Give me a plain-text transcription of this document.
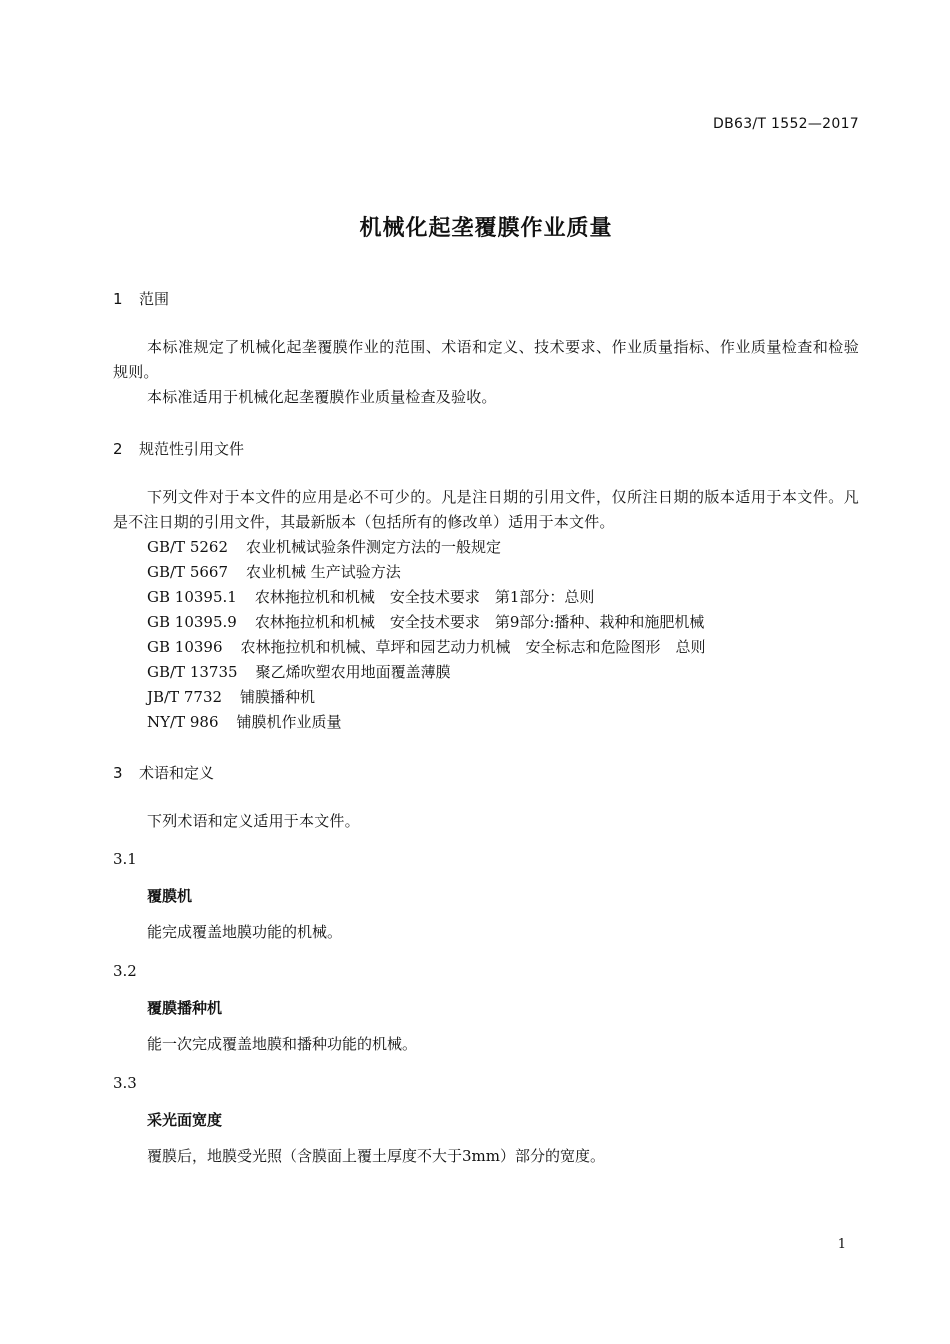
DB63/T 1552—2017
机械化起垄覆膜作业质量
1 范围
本标准规定了机械化起垄覆膜作业的范围、术语和定义、技术要求、作业质量指标、作业质量检查和检验规则。
本标准适用于机械化起垄覆膜作业质量检查及验收。
2 规范性引用文件
下列文件对于本文件的应用是必不可少的。凡是注日期的引用文件，仅所注日期的版本适用于本文件。凡是不注日期的引用文件，其最新版本（包括所有的修改单）适用于本文件。
GB/T 5262 农业机械试验条件测定方法的一般规定
GB/T 5667 农业机械 生产试验方法
GB 10395.1 农林拖拉机和机械　安全技术要求　第1部分：总则
GB 10395.9 农林拖拉机和机械　安全技术要求　第9部分:播种、栽种和施肥机械
GB 10396 农林拖拉机和机械、草坪和园艺动力机械　安全标志和危险图形　总则
GB/T 13735 聚乙烯吹塑农用地面覆盖薄膜
JB/T 7732 铺膜播种机
NY/T 986 铺膜机作业质量
3 术语和定义
下列术语和定义适用于本文件。
3.1
覆膜机
能完成覆盖地膜功能的机械。
3.2
覆膜播种机
能一次完成覆盖地膜和播种功能的机械。
3.3
采光面宽度
覆膜后，地膜受光照（含膜面上覆土厚度不大于3mm）部分的宽度。
1
